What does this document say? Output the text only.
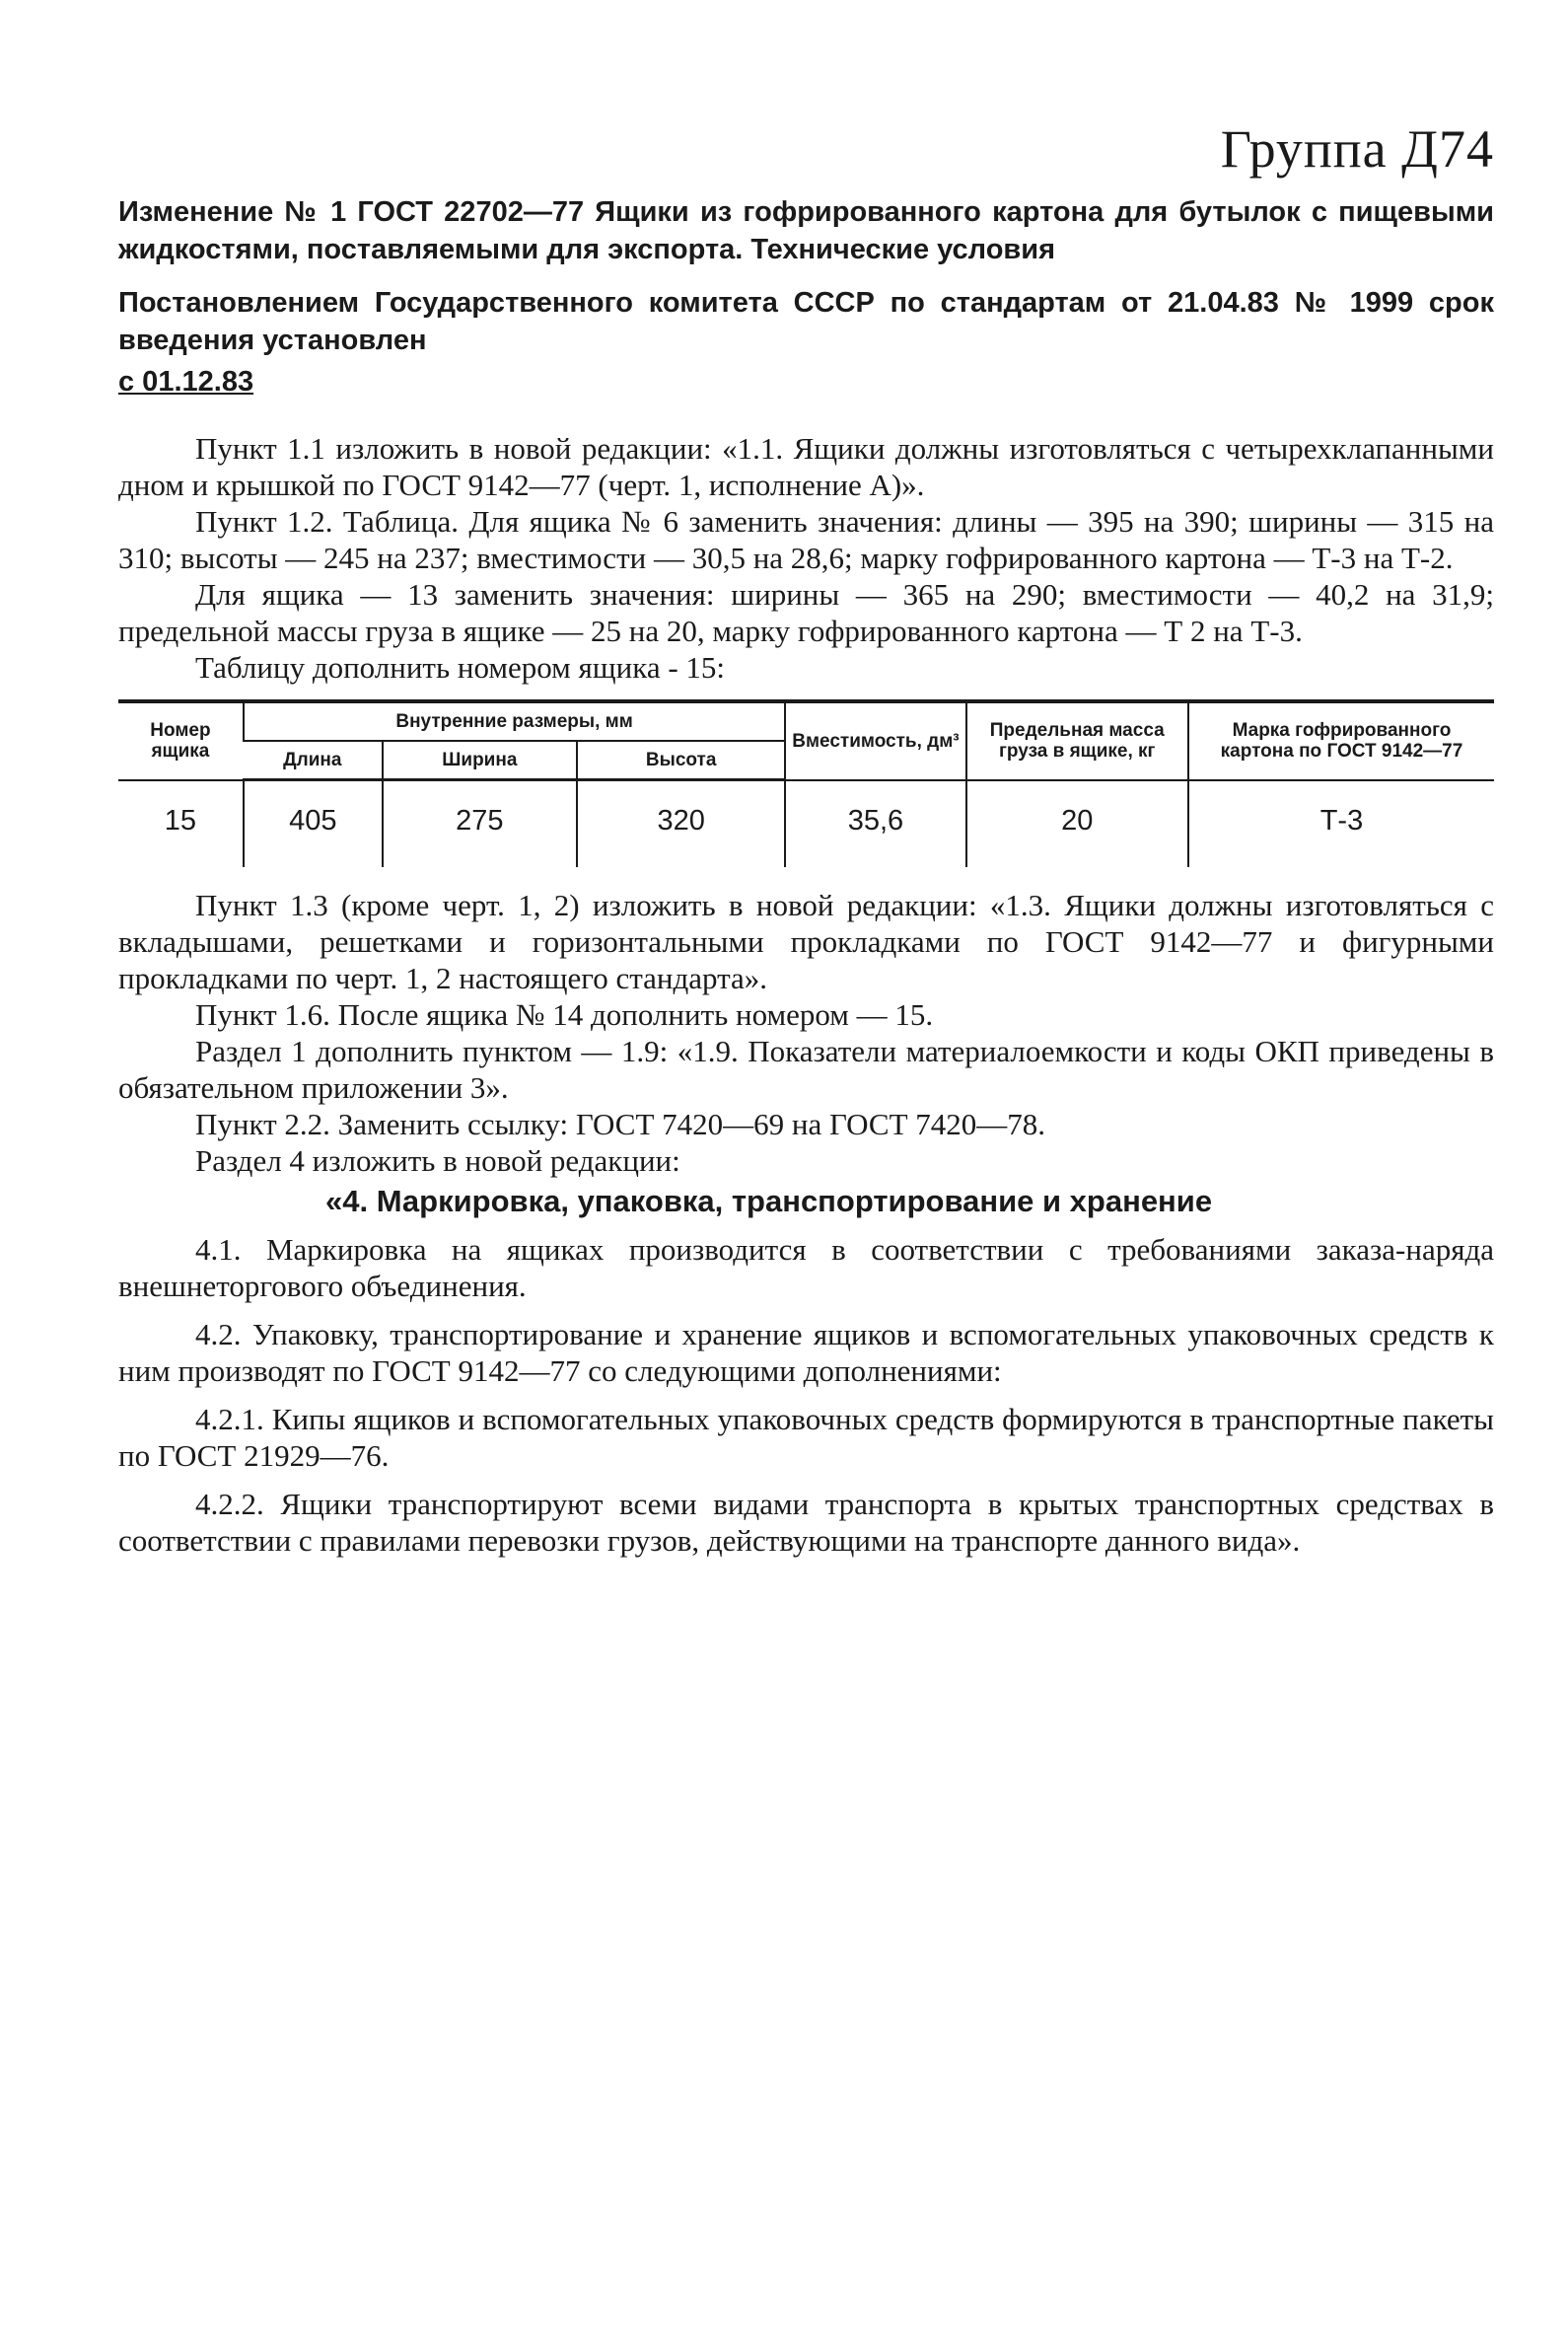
Группа Д74

Изменение № 1 ГОСТ 22702—77 Ящики из гофрированного картона для бутылок с пищевыми жидкостями, поставляемыми для экспорта. Технические условия

Постановлением Государственного комитета СССР по стандартам от 21.04.83 № 1999 срок введения установлен

с 01.12.83

Пункт 1.1 изложить в новой редакции: «1.1. Ящики должны изготовляться с четырехклапанными дном и крышкой по ГОСТ 9142—77 (черт. 1, исполнение А)».

Пункт 1.2. Таблица. Для ящика № 6 заменить значения: длины — 395 на 390; ширины — 315 на 310; высоты — 245 на 237; вместимости — 30,5 на 28,6; марку гофрированного картона — Т-3 на Т-2.

Для ящика — 13 заменить значения: ширины — 365 на 290; вместимости — 40,2 на 31,9; предельной массы груза в ящике — 25 на 20, марку гофрированного картона — Т 2 на Т-3.

Таблицу дополнить номером ящика - 15:

Номер ящика	Внутренние размеры, мм			Вместимость, дм³	Предельная масса груза в ящике, кг	Марка гофрированного картона по ГОСТ 9142—77
	Длина	Ширина	Высота			
15	405	275	320	35,6	20	Т-3

Пункт 1.3 (кроме черт. 1, 2) изложить в новой редакции: «1.3. Ящики должны изготовляться с вкладышами, решетками и горизонтальными прокладками по ГОСТ 9142—77 и фигурными прокладками по черт. 1, 2 настоящего стандарта».

Пункт 1.6. После ящика № 14 дополнить номером — 15.

Раздел 1 дополнить пунктом — 1.9: «1.9. Показатели материалоемкости и коды ОКП приведены в обязательном приложении 3».

Пункт 2.2. Заменить ссылку: ГОСТ 7420—69 на ГОСТ 7420—78.

Раздел 4 изложить в новой редакции:

«4. Маркировка, упаковка, транспортирование и хранение

4.1. Маркировка на ящиках производится в соответствии с требованиями заказа-наряда внешнеторгового объединения.

4.2. Упаковку, транспортирование и хранение ящиков и вспомогательных упаковочных средств к ним производят по ГОСТ 9142—77 со следующими дополнениями:

4.2.1. Кипы ящиков и вспомогательных упаковочных средств формируются в транспортные пакеты по ГОСТ 21929—76.

4.2.2. Ящики транспортируют всеми видами транспорта в крытых транспортных средствах в соответствии с правилами перевозки грузов, действующими на транспорте данного вида».
